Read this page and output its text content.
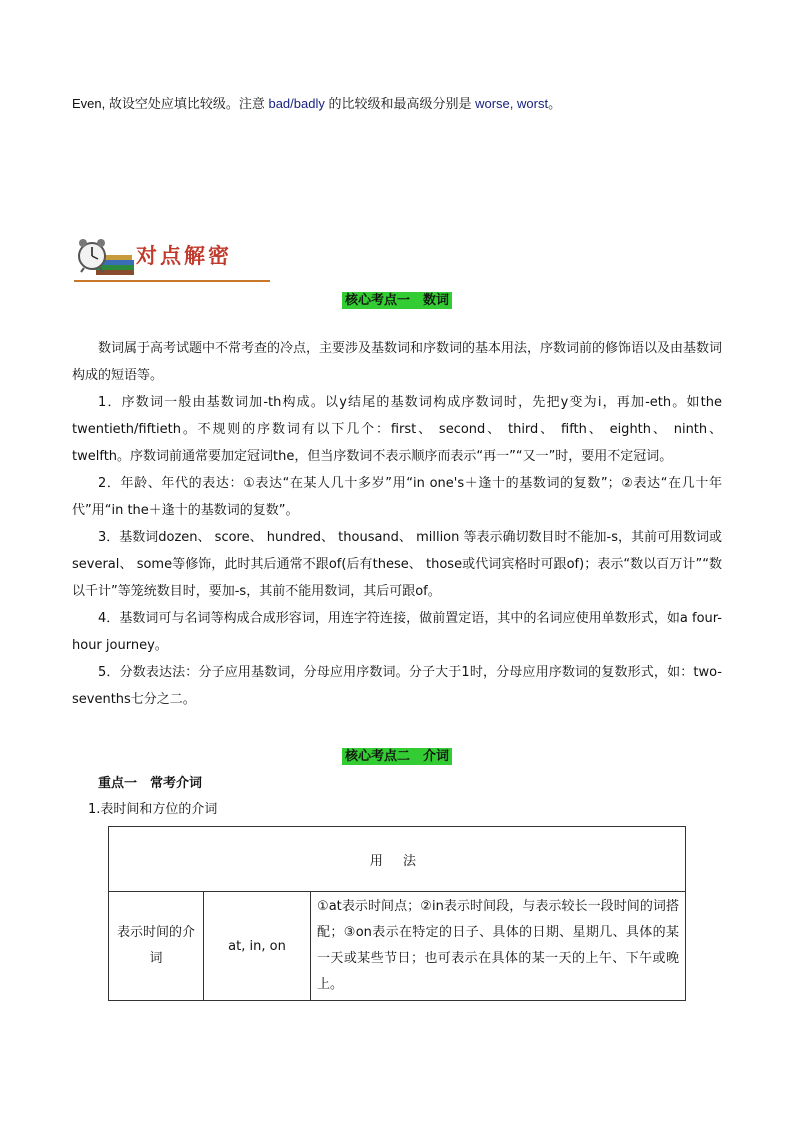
Even, 故设空处应填比较级。注意 bad/badly 的比较级和最高级分别是 worse, worst。
对点解密
核心考点一　数词

数词属于高考试题中不常考查的冷点，主要涉及基数词和序数词的基本用法，序数词前的修饰语以及由基数词构成的短语等。

1．序数词一般由基数词加-th构成。以y结尾的基数词构成序数词时，先把y变为i，再加-eth。如the twentieth/fiftieth。不规则的序数词有以下几个：first、 second、 third、 fifth、 eighth、 ninth、 twelfth。序数词前通常要加定冠词the，但当序数词不表示顺序而表示“再一”“又一”时，要用不定冠词。

2．年龄、年代的表达：①表达“在某人几十多岁”用“in one's＋逢十的基数词的复数”；②表达“在几十年代”用“in the＋逢十的基数词的复数”。

3．基数词dozen、 score、 hundred、 thousand、 million 等表示确切数目时不能加-s，其前可用数词或several、 some等修饰，此时其后通常不跟of(后有these、 those或代词宾格时可跟of)；表示“数以百万计”“数以千计”等笼统数目时，要加-s，其前不能用数词，其后可跟of。

4．基数词可与名词等构成合成形容词，用连字符连接，做前置定语，其中的名词应使用单数形式，如a four-hour journey。

5．分数表达法：分子应用基数词，分母应用序数词。分子大于1时，分母应用序数词的复数形式，如：two-sevenths七分之二。

核心考点二　介词
重点一　常考介词
1.表时间和方位的介词
用 法
表示时间的介词	at, in, on	①at表示时间点；②in表示时间段，与表示较长一段时间的词搭配；③on表示在特定的日子、具体的日期、星期几、具体的某一天或某些节日；也可表示在具体的某一天的上午、下午或晚上。
